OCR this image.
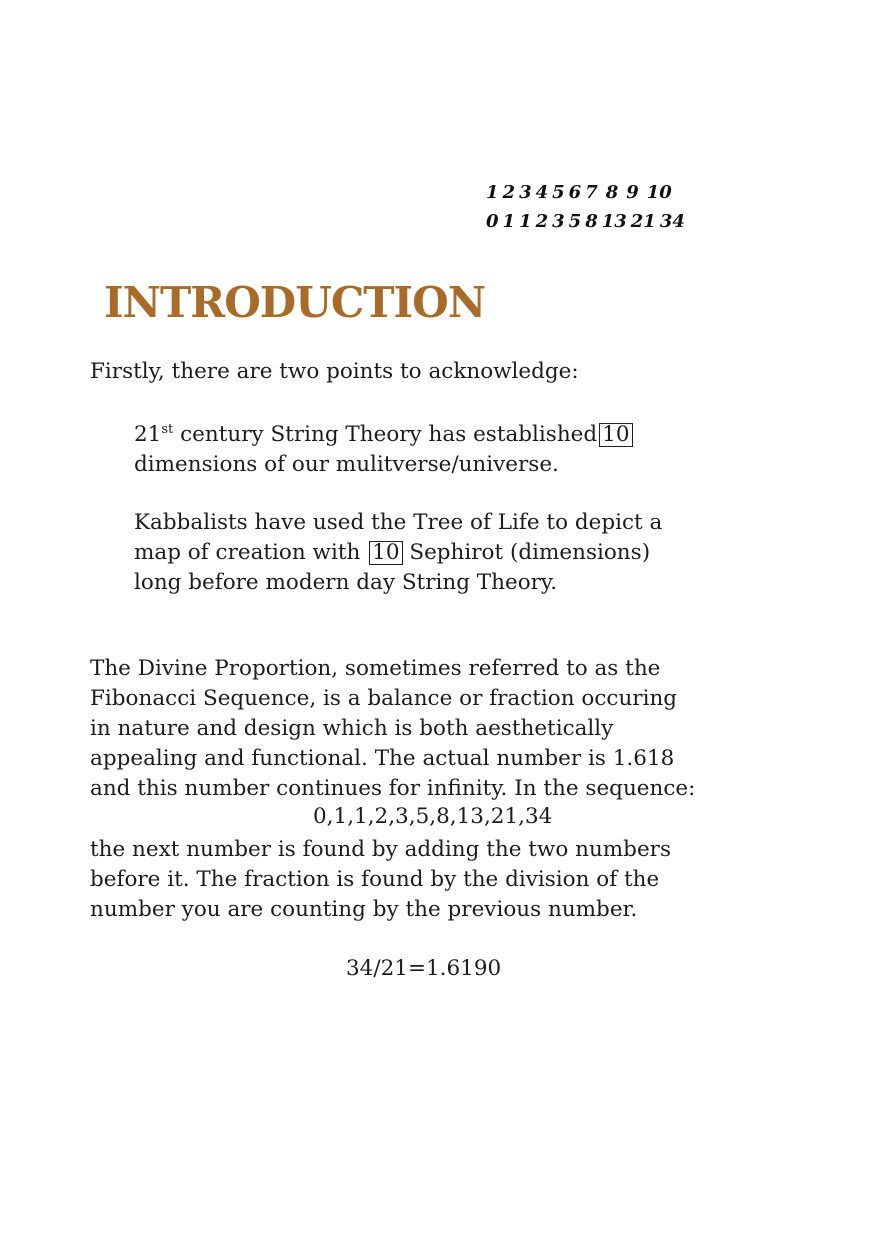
1 2 3 4 5 6 7 8 9 10
0 1 1 2 3 5 8 13 21 34
INTRODUCTION
Firstly, there are two points to acknowledge:
21st century String Theory has established 10
dimensions of our mulitverse/universe.
Kabbalists have used the Tree of Life to depict a
map of creation with 10 Sephirot (dimensions)
long before modern day String Theory.
The Divine Proportion, sometimes referred to as the
Fibonacci Sequence, is a balance or fraction occuring
in nature and design which is both aesthetically
appealing and functional. The actual number is 1.618
and this number continues for infinity. In the sequence:
0,1,1,2,3,5,8,13,21,34
the next number is found by adding the two numbers
before it. The fraction is found by the division of the
number you are counting by the previous number.
34/21=1.6190
